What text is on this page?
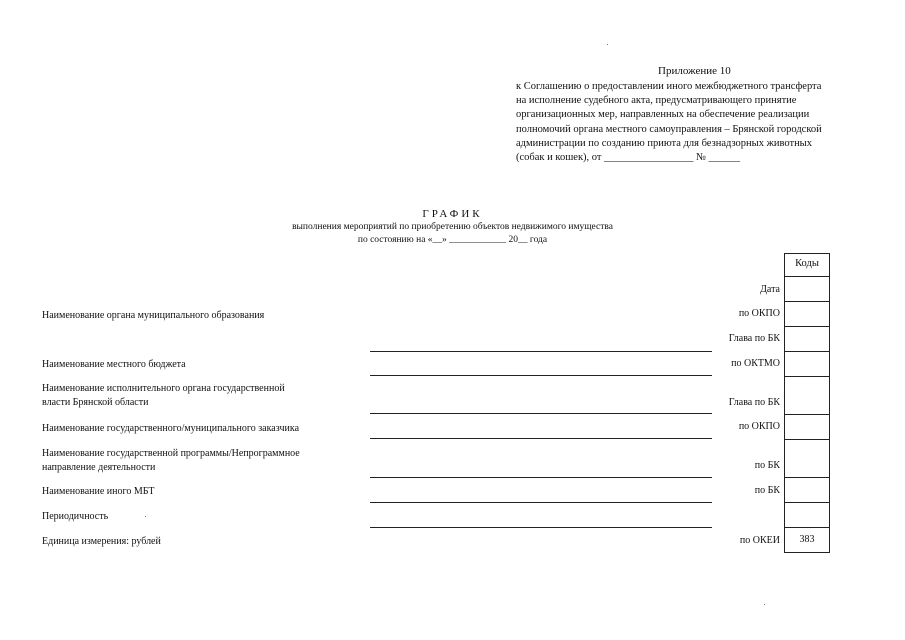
Приложение 10
к Соглашению о предоставлении иного межбюджетного трансферта
на исполнение судебного акта, предусматривающего принятие
организационных мер, направленных на обеспечение реализации
полномочий органа местного самоуправления – Брянской городской
администрации по созданию приюта для безнадзорных животных
(собак и кошек), от _________________ № ______
ГРАФИК
выполнения мероприятий по приобретению объектов недвижимого имущества
по состоянию на «__» ____________ 20__ года
Наименование органа муниципального образования
Наименование местного бюджета
Наименование исполнительного органа государственной
власти Брянской области
Наименование государственного/муниципального заказчика
Наименование государственной программы/Непрограммное
направление деятельности
Наименование иного МБТ
Периодичность
Единица измерения: рублей
Дата
по ОКПО
Глава по БК
по ОКТМО
Глава по БК
по ОКПО
по БК
по БК
по ОКЕИ
Коды
383
